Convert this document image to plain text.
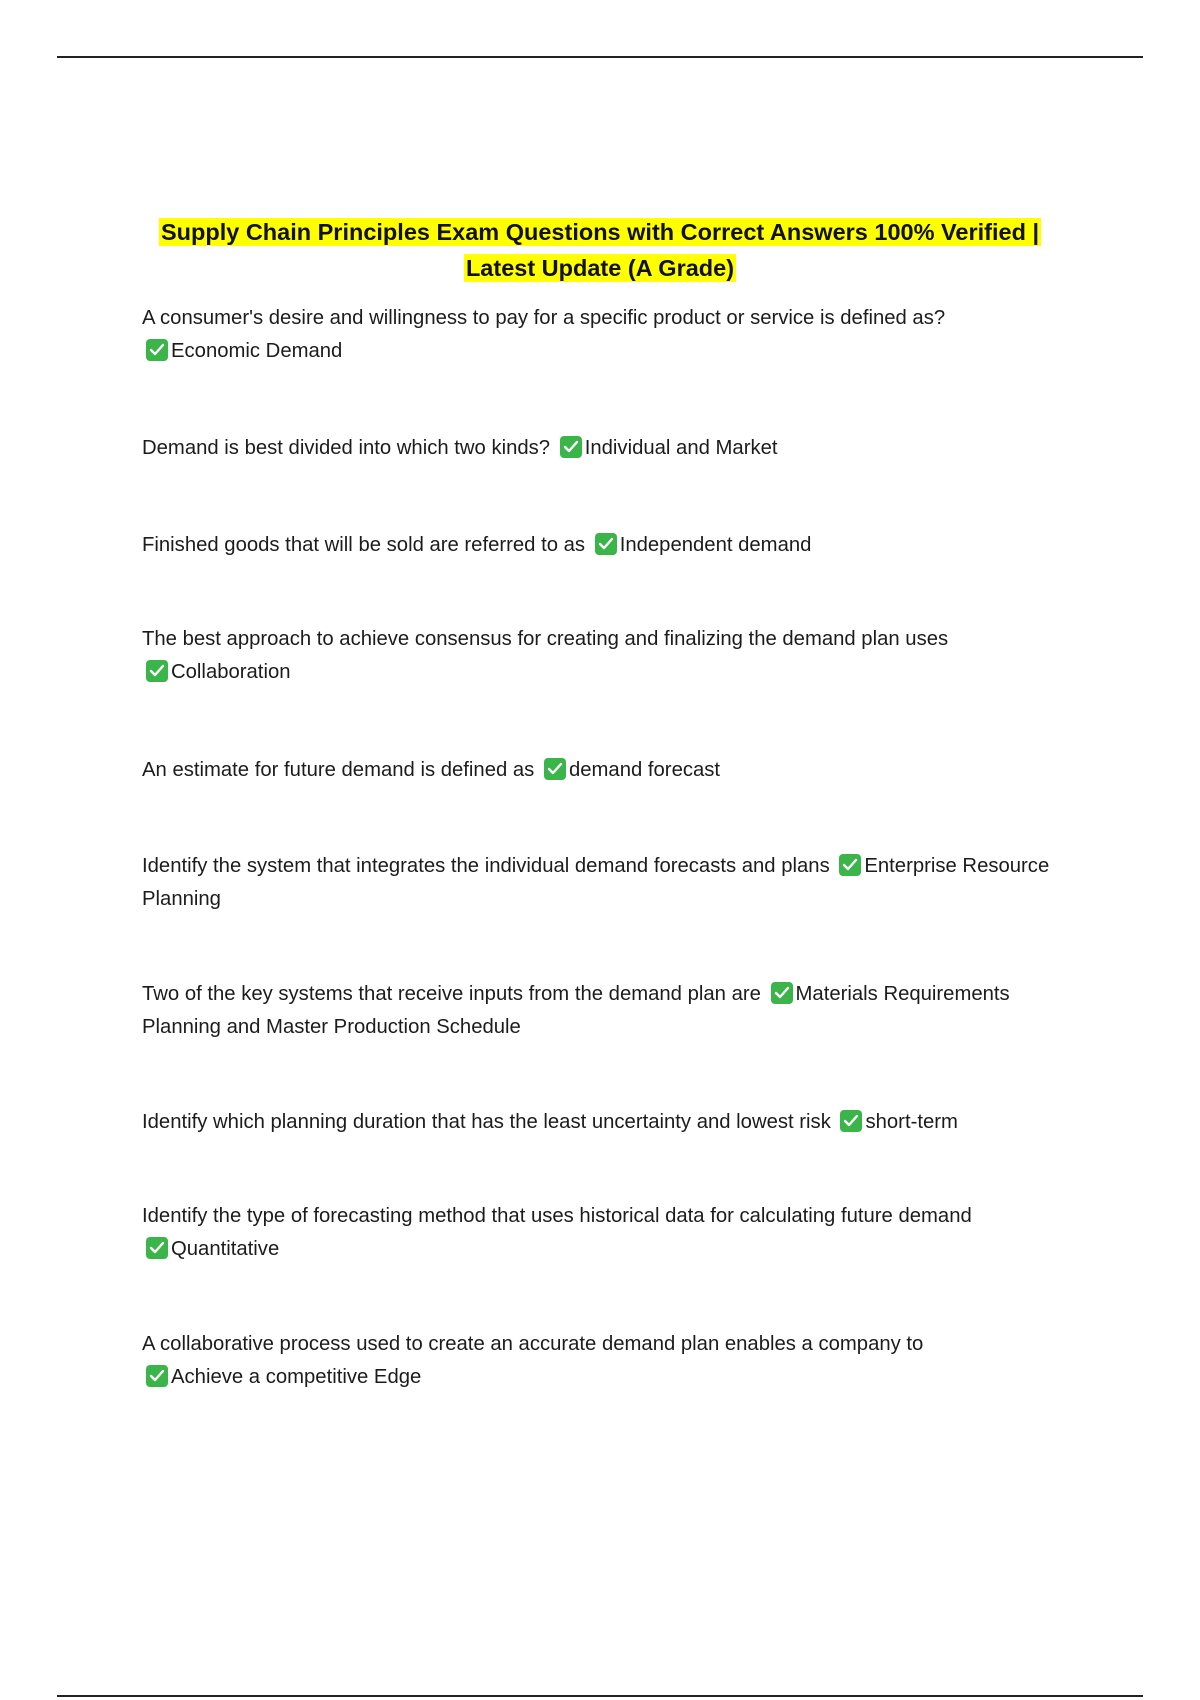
Supply Chain Principles Exam Questions with Correct Answers 100% Verified |
Latest Update (A Grade)
A consumer's desire and willingness to pay for a specific product or service is defined as?

Economic Demand
Demand is best divided into which two kinds? Individual and Market
Finished goods that will be sold are referred to as Independent demand
The best approach to achieve consensus for creating and finalizing the demand plan uses

Collaboration
An estimate for future demand is defined as demand forecast
Identify the system that integrates the individual demand forecasts and plans Enterprise Resource Planning
Two of the key systems that receive inputs from the demand plan are Materials Requirements Planning and Master Production Schedule
Identify which planning duration that has the least uncertainty and lowest risk short-term
Identify the type of forecasting method that uses historical data for calculating future demand

Quantitative
A collaborative process used to create an accurate demand plan enables a company to

Achieve a competitive Edge
